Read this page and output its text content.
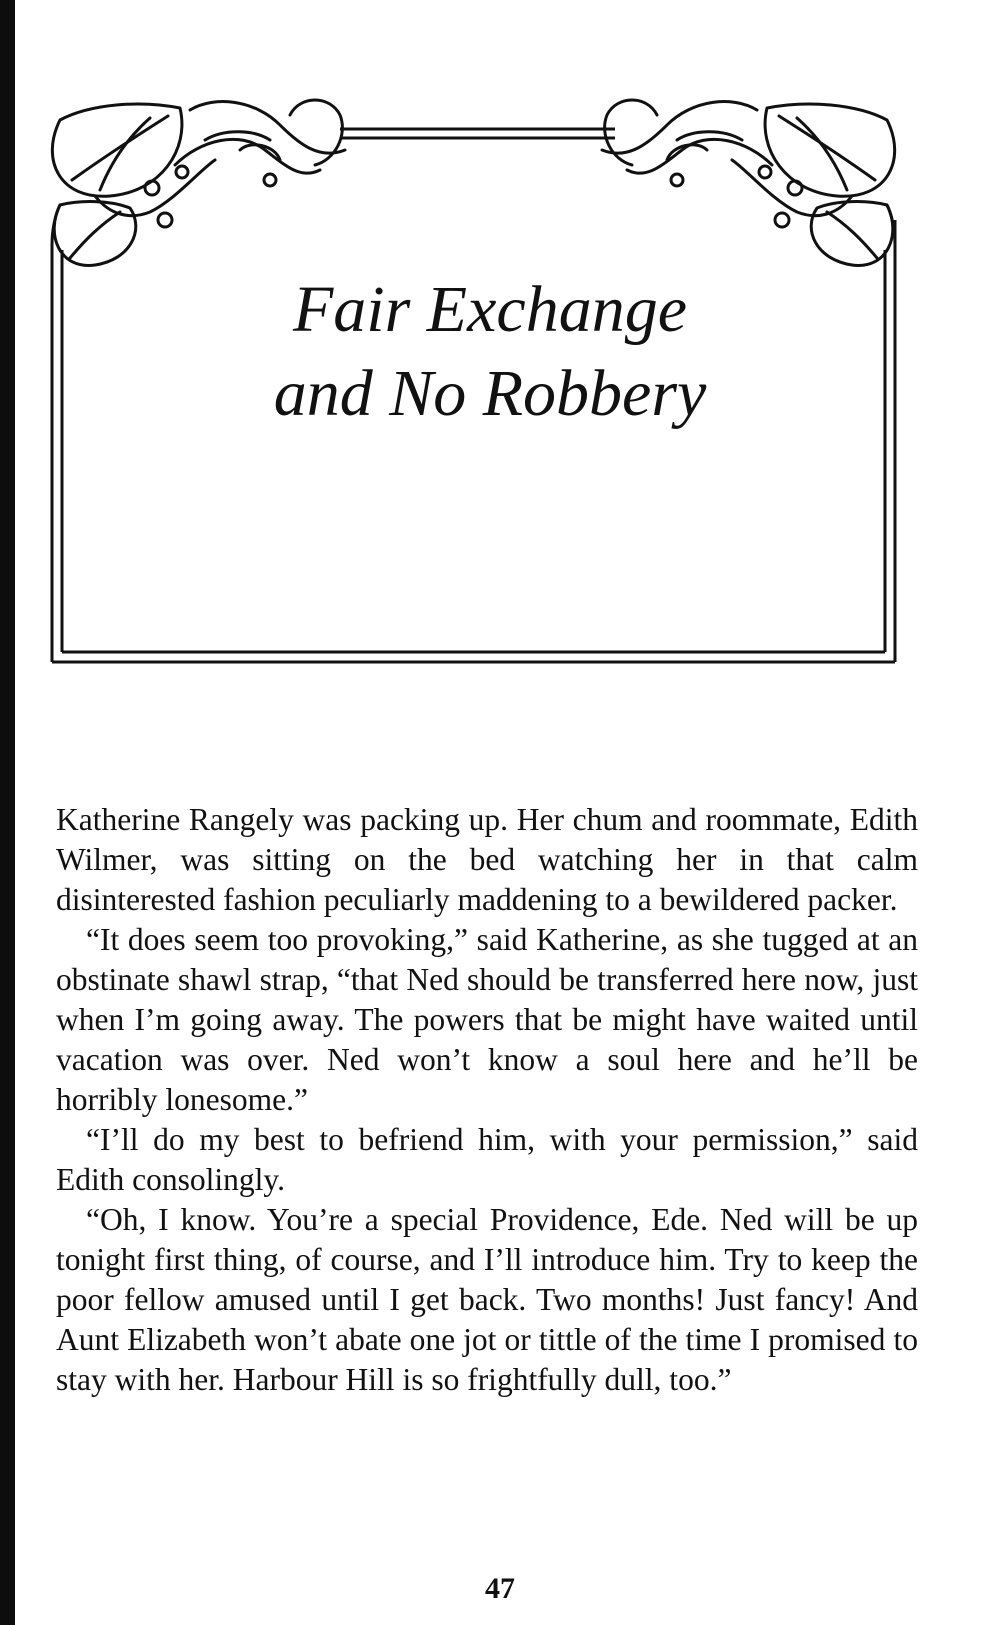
Fair Exchange
and No Robbery

Katherine Rangely was packing up. Her chum and roommate, Edith Wilmer, was sitting on the bed watching her in that calm disinterested fashion peculiarly maddening to a bewildered packer.

“It does seem too provoking,” said Katherine, as she tugged at an obstinate shawl strap, “that Ned should be transferred here now, just when I’m going away. The powers that be might have waited until vacation was over. Ned won’t know a soul here and he’ll be horribly lonesome.”

“I’ll do my best to befriend him, with your permission,” said Edith consolingly.

“Oh, I know. You’re a special Providence, Ede. Ned will be up tonight first thing, of course, and I’ll introduce him. Try to keep the poor fellow amused until I get back. Two months! Just fancy! And Aunt Elizabeth won’t abate one jot or tittle of the time I promised to stay with her. Harbour Hill is so frightfully dull, too.”

47
